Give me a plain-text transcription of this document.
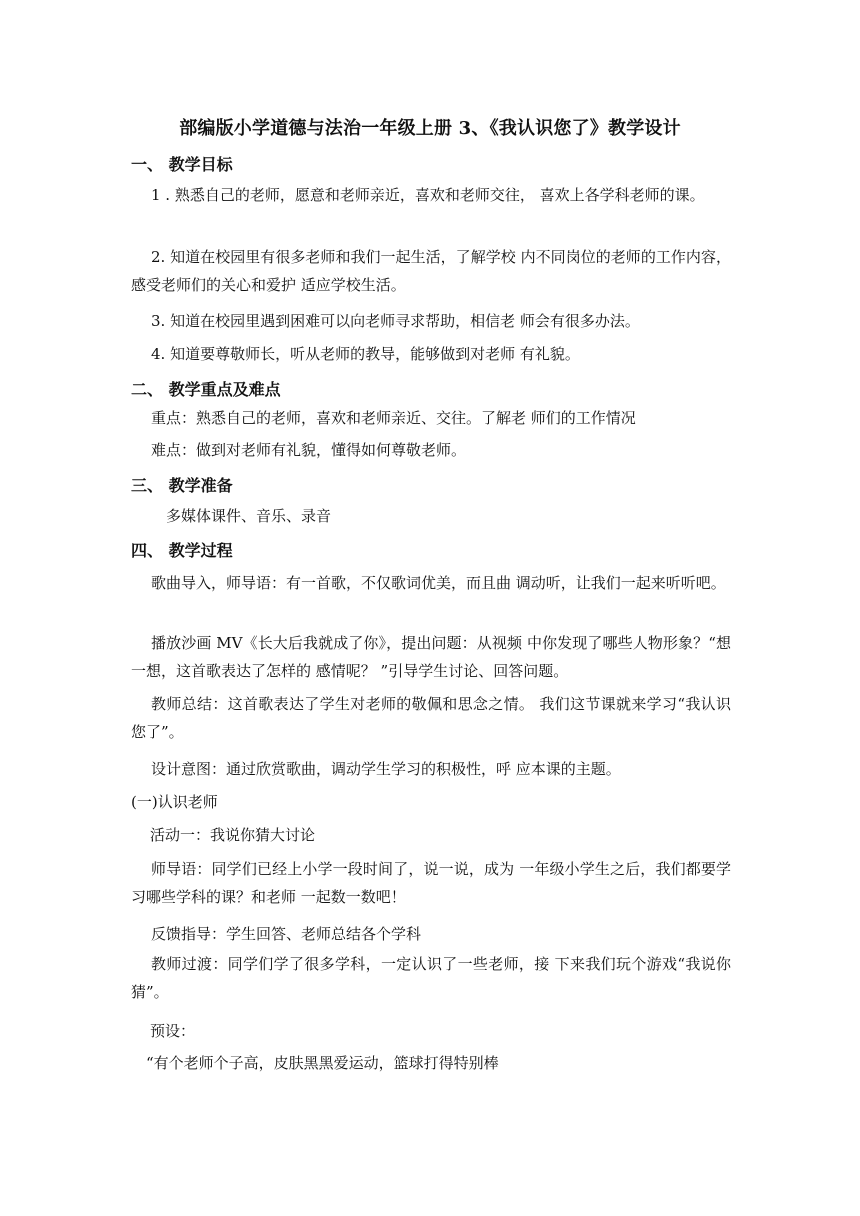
部编版小学道德与法治一年级上册 3、《我认识您了》教学设计
一、 教学目标
1 . 熟悉自己的老师，愿意和老师亲近，喜欢和老师交往， 喜欢上各学科老师的课。
2. 知道在校园里有很多老师和我们一起生活，了解学校 内不同岗位的老师的工作内容，感受老师们的关心和爱护 适应学校生活。
3. 知道在校园里遇到困难可以向老师寻求帮助，相信老 师会有很多办法。
4. 知道要尊敬师长，听从老师的教导，能够做到对老师 有礼貌。
二、 教学重点及难点
重点：熟悉自己的老师，喜欢和老师亲近、交往。了解老 师们的工作情况
难点：做到对老师有礼貌，懂得如何尊敬老师。
三、 教学准备
多媒体课件、音乐、录音
四、 教学过程
歌曲导入，师导语：有一首歌，不仅歌词优美，而且曲 调动听，让我们一起来听听吧。
播放沙画 MV《长大后我就成了你》，提出问题：从视频 中你发现了哪些人物形象？“想一想，这首歌表达了怎样的 感情呢？ ”引导学生讨论、回答问题。
教师总结：这首歌表达了学生对老师的敬佩和思念之情。 我们这节课就来学习“我认识您了”。
设计意图：通过欣赏歌曲，调动学生学习的积极性，呼 应本课的主题。
(一)认识老师
活动一：我说你猜大讨论
师导语：同学们已经上小学一段时间了，说一说，成为 一年级小学生之后，我们都要学习哪些学科的课？和老师 一起数一数吧！
反馈指导：学生回答、老师总结各个学科
教师过渡：同学们学了很多学科，一定认识了一些老师，接 下来我们玩个游戏“我说你猜”。
预设：
“有个老师个子高，皮肤黑黑爱运动，篮球打得特别棒
